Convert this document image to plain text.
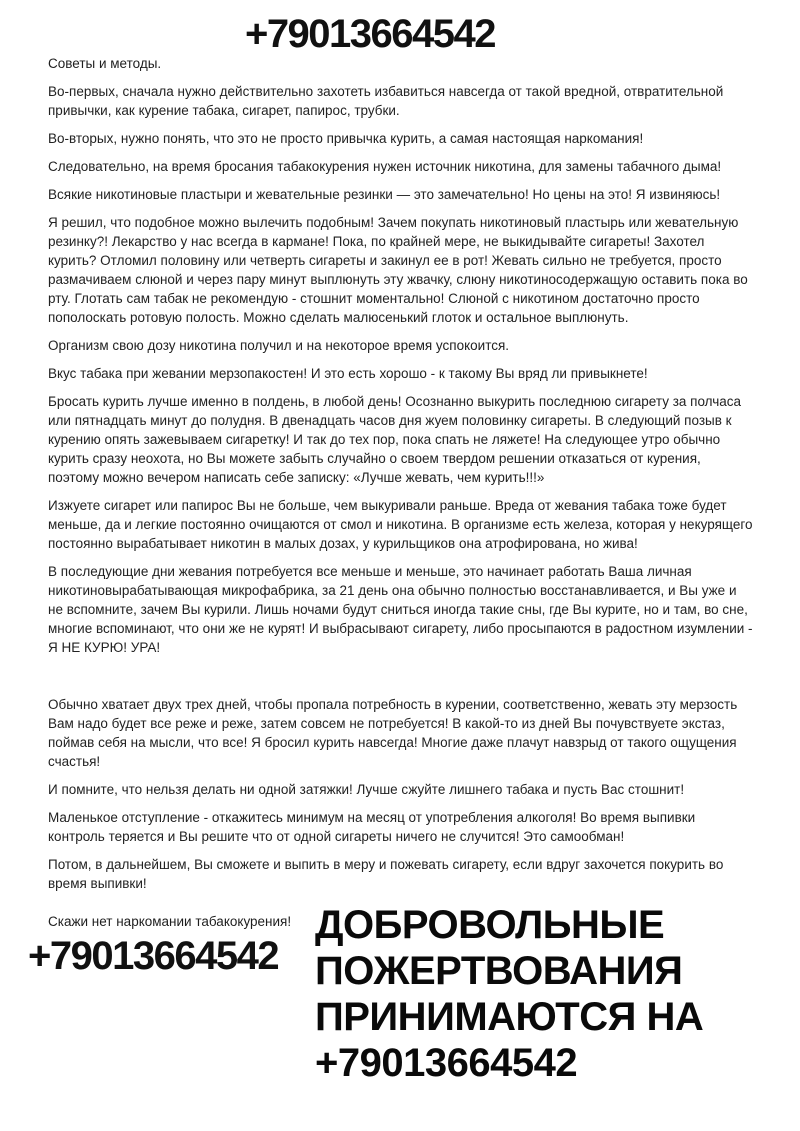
+79013664542
Советы и методы.

Во-первых, сначала нужно действительно захотеть избавиться навсегда от такой вредной, отвратительной привычки, как курение табака, сигарет, папирос, трубки.

Во-вторых, нужно понять, что это не просто привычка курить, а самая настоящая наркомания!

Следовательно, на время бросания табакокурения нужен источник никотина, для замены табачного дыма!

Всякие никотиновые пластыри и жевательные резинки — это замечательно! Но цены на это! Я извиняюсь!

Я решил, что подобное можно вылечить подобным! Зачем покупать никотиновый пластырь или жевательную резинку?! Лекарство у нас всегда в кармане! Пока, по крайней мере, не выкидывайте сигареты! Захотел курить? Отломил половину или четверть сигареты и закинул ее в рот! Жевать сильно не требуется, просто размачиваем слюной и через пару минут выплюнуть эту жвачку, слюну никотиносодержащую оставить пока во рту. Глотать сам табак не рекомендую - стошнит моментально! Слюной с никотином достаточно просто пополоскать ротовую полость. Можно сделать малюсенький глоток и остальное выплюнуть.

Организм свою дозу никотина получил и на некоторое время успокоится.

Вкус табака при жевании мерзопакостен! И это есть хорошо - к такому Вы вряд ли привыкнете!

Бросать курить лучше именно в полдень, в любой день! Осознанно выкурить последнюю сигарету за полчаса или пятнадцать минут до полудня. В двенадцать часов дня жуем половинку сигареты. В следующий позыв к курению опять зажевываем сигаретку! И так до тех пор, пока спать не ляжете! На следующее утро обычно курить сразу неохота, но Вы можете забыть случайно о своем твердом решении отказаться от курения, поэтому можно вечером написать себе записку: «Лучше жевать, чем курить!!!»

Изжуете сигарет или папирос Вы не больше, чем выкуривали раньше. Вреда от жевания табака тоже будет меньше, да и легкие постоянно очищаются от смол и никотина. В организме есть железа, которая у некурящего постоянно вырабатывает никотин в малых дозах, у курильщиков она атрофирована, но жива!

В последующие дни жевания потребуется все меньше и меньше, это начинает работать Ваша личная никотиновырабатывающая микрофабрика, за 21 день она обычно полностью восстанавливается, и Вы уже и не вспомните, зачем Вы курили. Лишь ночами будут сниться иногда такие сны, где Вы курите, но и там, во сне, многие вспоминают, что они же не курят! И выбрасывают сигарету, либо просыпаются в радостном изумлении - Я НЕ КУРЮ! УРА!

Обычно хватает двух трех дней, чтобы пропала потребность в курении, соответственно, жевать эту мерзость Вам надо будет все реже и реже, затем совсем не потребуется! В какой-то из дней Вы почувствуете экстаз, поймав себя на мысли, что все! Я бросил курить навсегда! Многие даже плачут навзрыд от такого ощущения счастья!

И помните, что нельзя делать ни одной затяжки! Лучше сжуйте лишнего табака и пусть Вас стошнит!

Маленькое отступление - откажитесь минимум на месяц от употребления алкоголя! Во время выпивки контроль теряется и Вы решите что от одной сигареты ничего не случится! Это самообман!

Потом, в дальнейшем, Вы сможете и выпить в меру и пожевать сигарету, если вдруг захочется покурить во время выпивки!

Скажи нет наркомании табакокурения!
+79013664542
ДОБРОВОЛЬНЫЕ
ПОЖЕРТВОВАНИЯ
ПРИНИМАЮТСЯ НА
+79013664542
